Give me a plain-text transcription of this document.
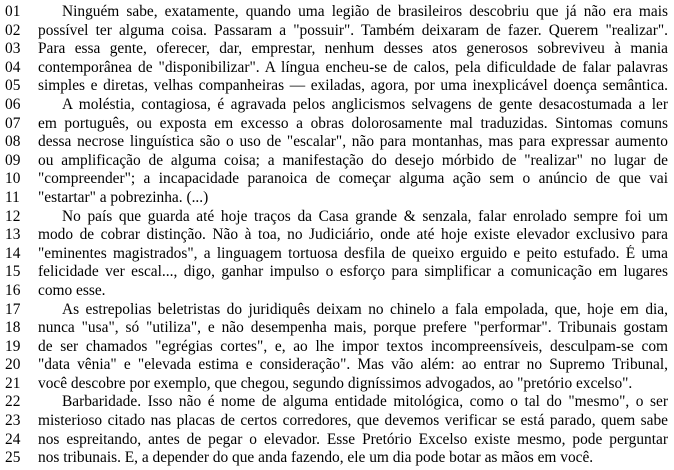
01	Ninguém sabe, exatamente, quando uma legião de brasileiros descobriu que já não era mais
02	possível ter alguma coisa. Passaram a "possuir". Também deixaram de fazer. Querem "realizar".
03	Para essa gente, oferecer, dar, emprestar, nenhum desses atos generosos sobreviveu à mania
04	contemporânea de "disponibilizar". A língua encheu-se de calos, pela dificuldade de falar palavras
05	simples e diretas, velhas companheiras — exiladas, agora, por uma inexplicável doença semântica.
06	A moléstia, contagiosa, é agravada pelos anglicismos selvagens de gente desacostumada a ler
07	em português, ou exposta em excesso a obras dolorosamente mal traduzidas. Sintomas comuns
08	dessa necrose linguística são o uso de "escalar", não para montanhas, mas para expressar aumento
09	ou amplificação de alguma coisa; a manifestação do desejo mórbido de "realizar" no lugar de
10	"compreender"; a incapacidade paranoica de começar alguma ação sem o anúncio de que vai
11	"estartar" a pobrezinha. (...)
12	No país que guarda até hoje traços da Casa grande & senzala, falar enrolado sempre foi um
13	modo de cobrar distinção. Não à toa, no Judiciário, onde até hoje existe elevador exclusivo para
14	"eminentes magistrados", a linguagem tortuosa desfila de queixo erguido e peito estufado. É uma
15	felicidade ver escal..., digo, ganhar impulso o esforço para simplificar a comunicação em lugares
16	como esse.
17	As estrepolias beletristas do juridiquês deixam no chinelo a fala empolada, que, hoje em dia,
18	nunca "usa", só "utiliza", e não desempenha mais, porque prefere "performar". Tribunais gostam
19	de ser chamados "egrégias cortes", e, ao lhe impor textos incompreensíveis, desculpam-se com
20	"data vênia" e "elevada estima e consideração". Mas vão além: ao entrar no Supremo Tribunal,
21	você descobre por exemplo, que chegou, segundo digníssimos advogados, ao "pretório excelso".
22	Barbaridade. Isso não é nome de alguma entidade mitológica, como o tal do "mesmo", o ser
23	misterioso citado nas placas de certos corredores, que devemos verificar se está parado, quem sabe
24	nos espreitando, antes de pegar o elevador. Esse Pretório Excelso existe mesmo, pode perguntar
25	nos tribunais. E, a depender do que anda fazendo, ele um dia pode botar as mãos em você.
